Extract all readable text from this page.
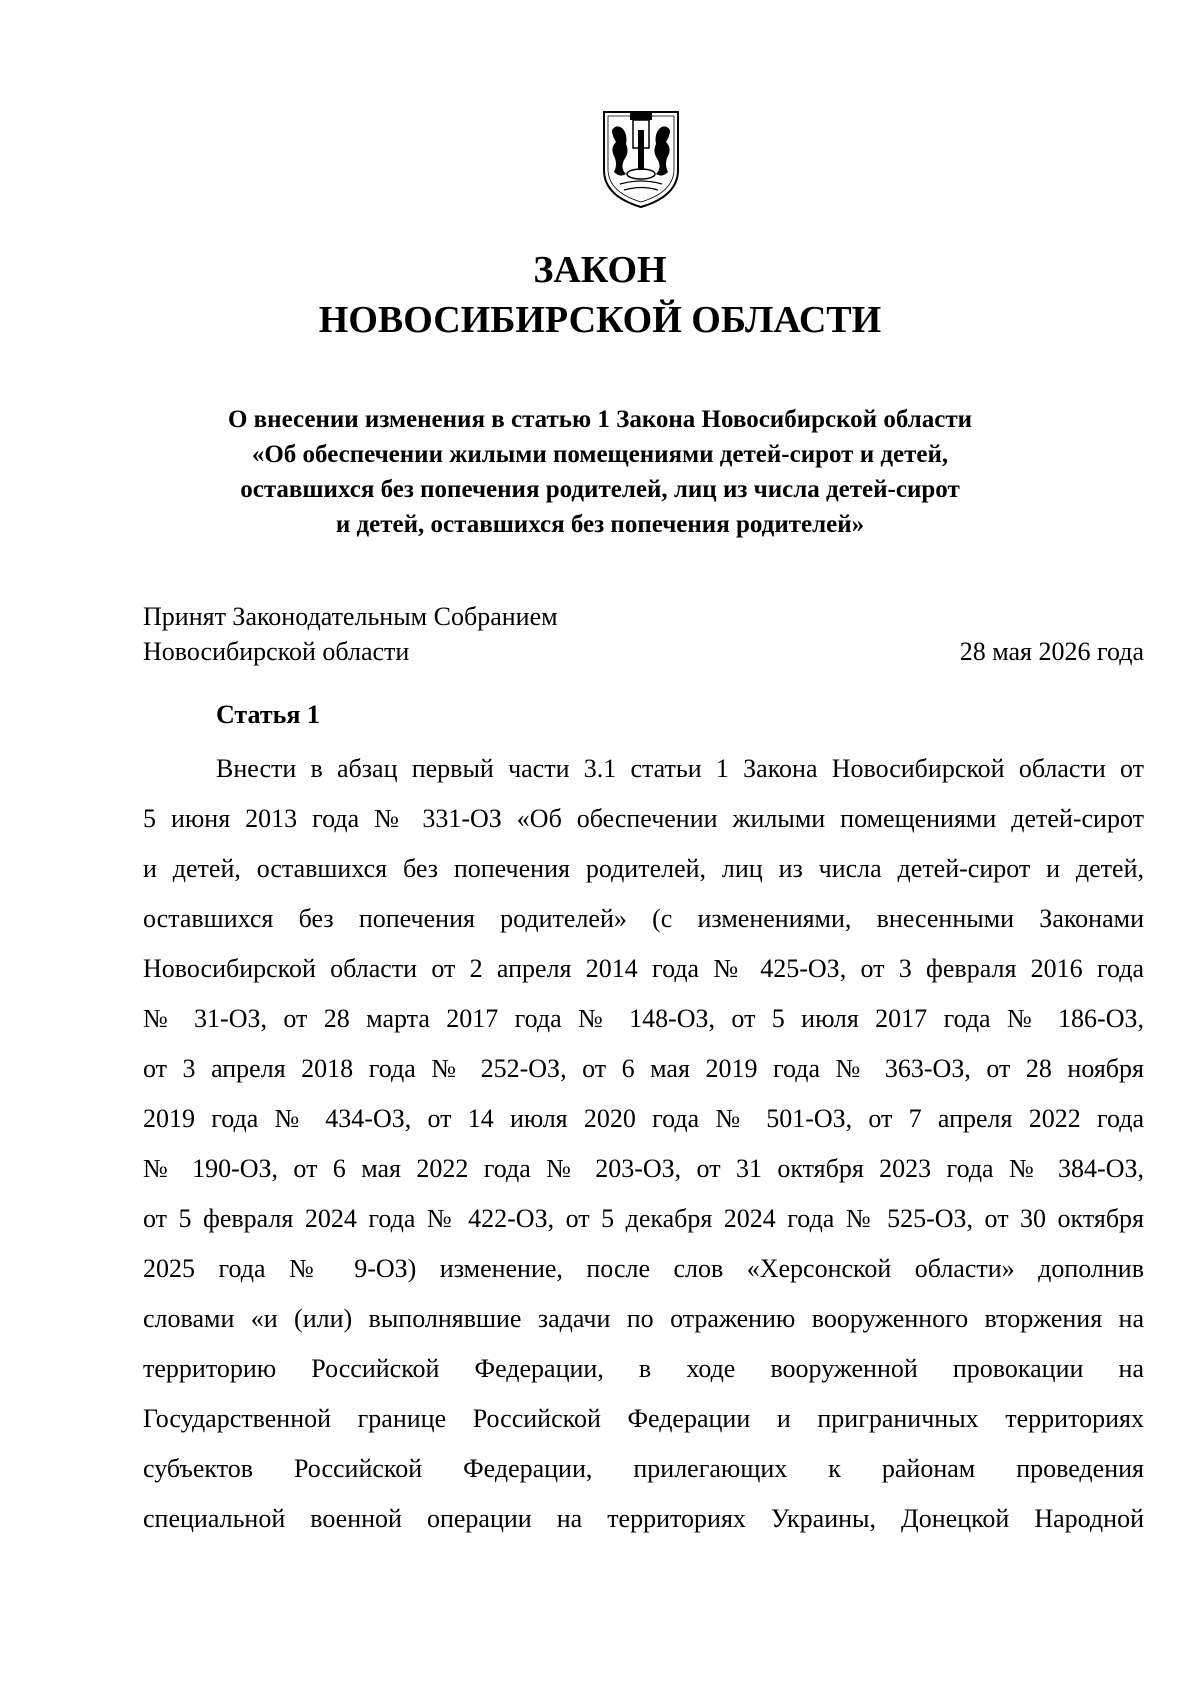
ЗАКОН
НОВОСИБИРСКОЙ ОБЛАСТИ
О внесении изменения в статью 1 Закона Новосибирской области
«Об обеспечении жилыми помещениями детей-сирот и детей,
оставшихся без попечения родителей, лиц из числа детей-сирот
и детей, оставшихся без попечения родителей»
Принят Законодательным Собранием
Новосибирской области	28 мая 2026 года
Статья 1
Внести в абзац первый части 3.1 статьи 1 Закона Новосибирской области от
5 июня 2013 года № 331-ОЗ «Об обеспечении жилыми помещениями детей-сирот
и детей, оставшихся без попечения родителей, лиц из числа детей-сирот и детей,
оставшихся без попечения родителей» (с изменениями, внесенными Законами
Новосибирской области от 2 апреля 2014 года № 425-ОЗ, от 3 февраля 2016 года
№ 31-ОЗ, от 28 марта 2017 года № 148-ОЗ, от 5 июля 2017 года № 186-ОЗ,
от 3 апреля 2018 года № 252-ОЗ, от 6 мая 2019 года № 363-ОЗ, от 28 ноября
2019 года № 434-ОЗ, от 14 июля 2020 года № 501-ОЗ, от 7 апреля 2022 года
№ 190-ОЗ, от 6 мая 2022 года № 203-ОЗ, от 31 октября 2023 года № 384-ОЗ,
от 5 февраля 2024 года № 422-ОЗ, от 5 декабря 2024 года № 525-ОЗ, от 30 октября
2025 года № 9-ОЗ) изменение, после слов «Херсонской области» дополнив
словами «и (или) выполнявшие задачи по отражению вооруженного вторжения на
территорию Российской Федерации, в ходе вооруженной провокации на
Государственной границе Российской Федерации и приграничных территориях
субъектов Российской Федерации, прилегающих к районам проведения
специальной военной операции на территориях Украины, Донецкой Народной
